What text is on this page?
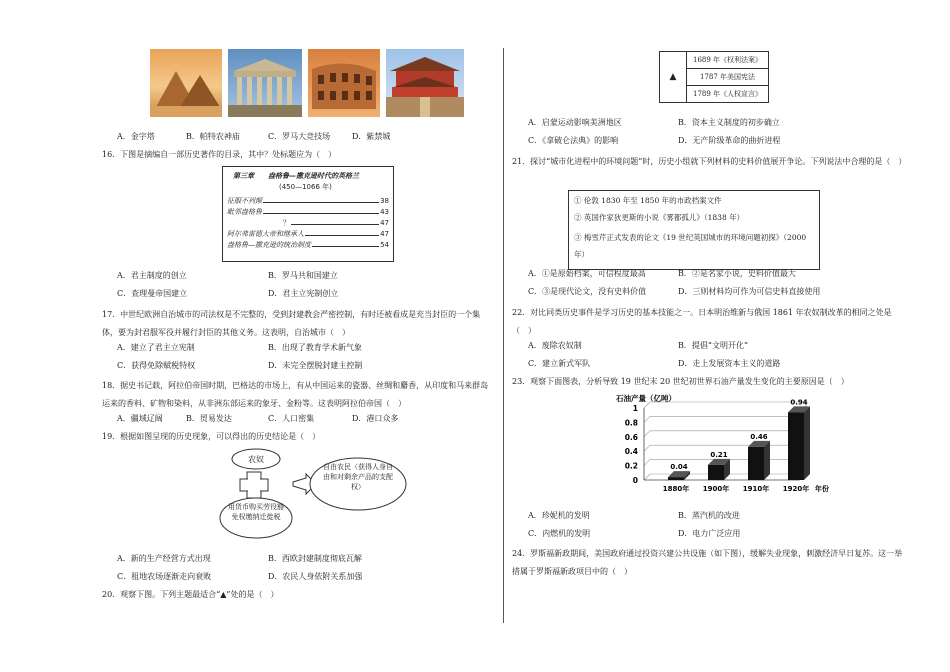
A．金字塔	B．帕特农神庙	C．罗马大竞技场	D．紫禁城
16．下图是摘编自一部历史著作的目录，其中？处标题应为（　）
第三章　　盎格鲁—撒克逊时代的英格兰
(450—1066 年)
征服不列颠	38
毗邻盎格鲁	43
？	47
阿尔弗雷德大帝和继承人	47
盎格鲁—撒克逊的统治制度	54
A．君主制度的创立	B．罗马共和国建立
C．查理曼帝国建立	D．君主立宪制创立
17．中世纪欧洲自治城市的司法权是不完整的，受到封建教会严密控制，有时还被看成是充当封臣的一个集体，要为封君服军役并履行封臣的其他义务。这表明，自治城市（　）
A．建立了君主立宪制	B．出现了教育学术新气象
C．获得免除赋税特权	D．未完全摆脱封建主控制
18．据史书记载，阿拉伯帝国时期，巴格达的市场上，有从中国运来的瓷器、丝绸和麝香，从印度和马来群岛运来的香料、矿物和染料，从非洲东部运来的象牙、金粉等。这表明阿拉伯帝国（　）
A．疆域辽阔	B．贸易发达	C．人口密集	D．港口众多
19．根据如图呈现的历史现象，可以得出的历史结论是（　）
农奴
用货币购买劳役豁免权缴纳迁徙税
自由农民（获得人身自由和对剩余产品的支配权）
A．新的生产经营方式出现	B．西欧封建制度彻底瓦解
C．租地农场逐渐走向衰败	D．农民人身依附关系加强
20．观察下图。下列主题最适合“▲”处的是（　）
▲	1689 年《权利法案》
1787 年美国宪法
1789 年《人权宣言》
A．启蒙运动影响美洲地区	B．资本主义制度的初步确立
C．《拿破仑法典》的影响	D．无产阶级革命的曲折进程
21．探讨“城市化进程中的环境问题”时，历史小组就下列材料的史料价值展开争论。下列说法中合理的是（　）
① 伦敦 1830 年至 1850 年的市政档案文件
② 英国作家狄更斯的小说《雾都孤儿》（1838 年）
③ 梅雪芹正式发表的论文《19 世纪英国城市的环境问题初探》（2000 年）
A．①是原始档案，可信程度最高	B．②是名家小说，史料价值最大
C．③是现代论文，没有史料价值	D．三则材料均可作为可信史料直接使用
22．对比同类历史事件是学习历史的基本技能之一。日本明治维新与俄国 1861 年农奴制改革的相同之处是（　）
A．废除农奴制	B．提倡“文明开化”
C．建立新式军队	D．走上发展资本主义的道路
23．观察下面图表，分析导致 19 世纪末 20 世纪初世界石油产量发生变化的主要原因是（　）
石油产量（亿吨）
1
0.8
0.6
0.4
0.2
0
0.04
1880年
0.21
1900年
0.46
1910年
0.94
1920年 年份
A．珍妮机的发明	B．蒸汽机的改进
C．内燃机的发明	D．电力广泛应用
24．罗斯福新政期间，美国政府通过投资兴建公共设施（如下图），缓解失业现象，刺激经济早日复苏。这一举措属于罗斯福新政项目中的（　）
